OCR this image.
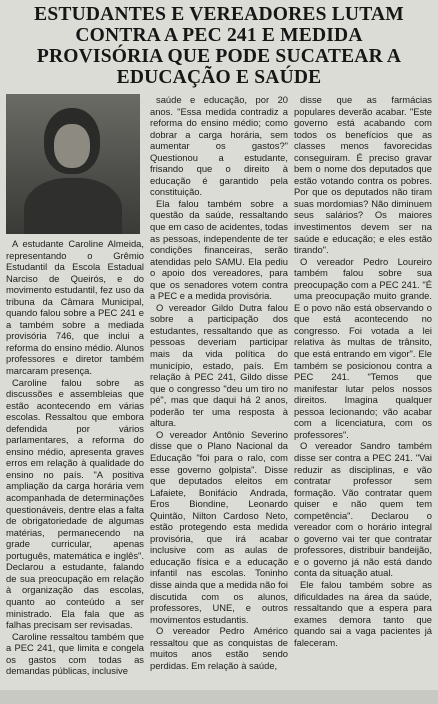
ESTUDANTES E VEREADORES LUTAM
CONTRA A PEC 241 E MEDIDA
PROVISÓRIA QUE PODE SUCATEAR A
EDUCAÇÃO E SAÚDE

A estudante Caroline Almeida, representando o Grêmio Estudantil da Escola Estadual Narciso de Queirós, e do movimento estudantil, fez uso da tribuna da Câmara Municipal, quando falou sobre a PEC 241 e a também sobre a mediada provisória 746, que inclui a reforma do ensino médio. Alunos professores e diretor também marcaram presença.

Caroline falou sobre as discussões e assembleias que estão acontecendo em várias escolas. Ressaltou que embora defendida por vários parlamentares, a reforma do ensino médio, apresenta graves erros em relação à qualidade do ensino no país. "A positiva ampliação da carga horária vem acompanhada de determinações questionáveis, dentre elas a falta de obrigatoriedade de algumas matérias, permanecendo na grade curricular, apenas português, matemática e inglês". Declarou a estudante, falando de sua preocupação em relação à organização das escolas, quanto ao conteúdo a ser ministrado. Ela fala que as falhas precisam ser revisadas.

Caroline ressaltou também que a PEC 241, que limita e congela os gastos com todas as demandas públicas, inclusive

saúde e educação, por 20 anos. "Essa medida contradiz a reforma do ensino médio; como dobrar a carga horária, sem aumentar os gastos?" Questionou a estudante, frisando que o direito à educação é garantido pela constituição.

Ela falou também sobre a questão da saúde, ressaltando que em caso de acidentes, todas as pessoas, independente de ter condições financeiras, serão atendidas pelo SAMU. Ela pediu o apoio dos vereadores, para que os senadores votem contra a PEC e a medida provisória.

O vereador Gildo Dutra falou sobre a participação dos estudantes, ressaltando que as pessoas deveriam participar mais da vida política do município, estado, país. Em relação à PEC 241, Gildo disse que o congresso "deu um tiro no pé", mas que daqui há 2 anos, poderão ter uma resposta à altura.

O vereador Antônio Severino disse que o Plano Nacional da Educação "foi para o ralo, com esse governo golpista". Disse que deputados eleitos em Lafaiete, Bonifácio Andrada, Eros Biondine, Leonardo Quintão, Nilton Cardoso Neto, estão protegendo esta medida provisória, que irá acabar inclusive com as aulas de educação física e a educação infantil nas escolas. Toninho disse ainda que a medida não foi discutida com os alunos, professores, UNE, e outros movimentos estudantis.

O vereador Pedro Américo ressaltou que as conquistas de muitos anos estão sendo perdidas. Em relação à saúde,

disse que as farmácias populares deverão acabar. "Este governo está acabando com todos os benefícios que as classes menos favorecidas conseguiram. É preciso gravar bem o nome dos deputados que estão votando contra os pobres. Por que os deputados não tiram suas mordomias? Não diminuem seus salários? Os maiores investimentos devem ser na saúde e educação; e eles estão tirando".

O vereador Pedro Loureiro também falou sobre sua preocupação com a PEC 241. "É uma preocupação muito grande. E o povo não está observando o que está acontecendo no congresso. Foi votada a lei relativa às multas de trânsito, que está entrando em vigor". Ele também se posicionou contra a PEC 241. "Temos que manifestar lutar pelos nossos direitos. Imagina qualquer pessoa lecionando; vão acabar com a licenciatura, com os professores".

O vereador Sandro também disse ser contra a PEC 241. "Vai reduzir as disciplinas, e vão contratar professor sem formação. Vão contratar quem quiser e não quem tem competência". Declarou o vereador com o horário integral o governo vai ter que contratar professores, distribuir bandeijão, e o governo já não está dando conta da situação atual.

Ele falou também sobre as dificuldades na área da saúde, ressaltando que a espera para exames demora tanto que quando sai a vaga pacientes já faleceram.
